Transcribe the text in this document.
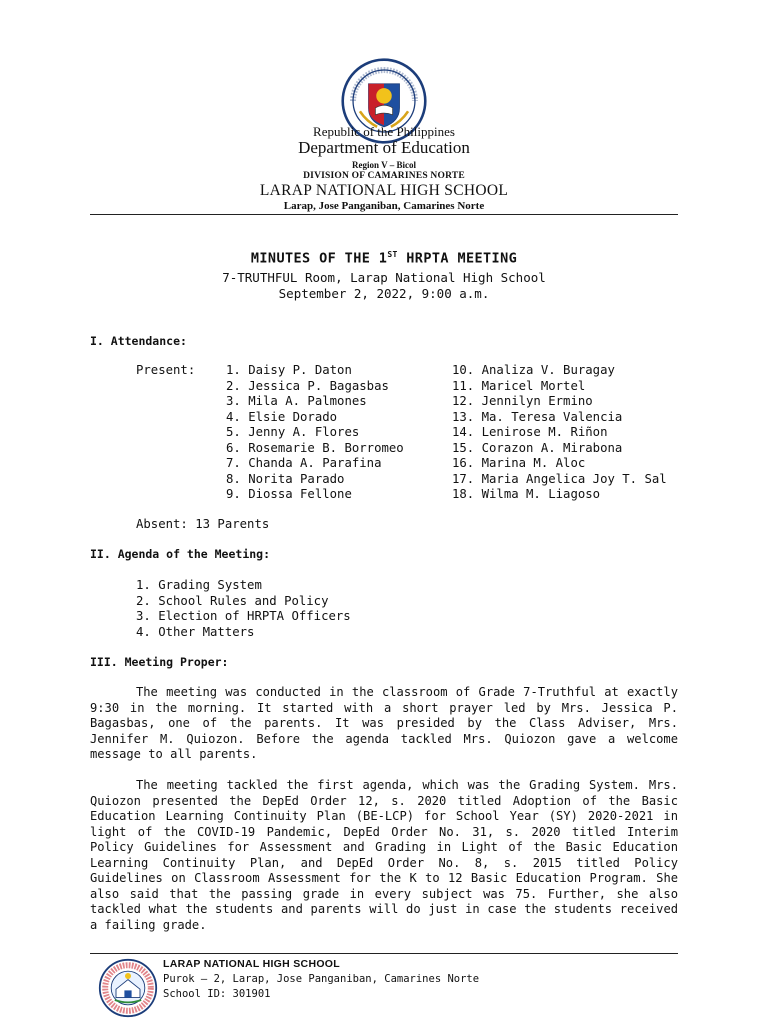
Republic of the Philippines
Department of Education
Region V – Bicol
DIVISION OF CAMARINES NORTE
LARAP NATIONAL HIGH SCHOOL
Larap, Jose Panganiban, Camarines Norte
MINUTES OF THE 1ST HRPTA MEETING
7-TRUTHFUL Room, Larap National High School
September 2, 2022, 9:00 a.m.
I. Attendance:
Present:	1. Daisy P. Daton
2. Jessica P. Bagasbas
3. Mila A. Palmones
4. Elsie Dorado
5. Jenny A. Flores
6. Rosemarie B. Borromeo
7. Chanda A. Parafina
8. Norita Parado
9. Diossa Fellone
10. Analiza V. Buragay
11. Maricel Mortel
12. Jennilyn Ermino
13. Ma. Teresa Valencia
14. Lenirose M. Riñon
15. Corazon A. Mirabona
16. Marina M. Aloc
17. Maria Angelica Joy T. Sal
18. Wilma M. Liagoso
Absent: 13 Parents
II. Agenda of the Meeting:
1. Grading System
2. School Rules and Policy
3. Election of HRPTA Officers
4. Other Matters
III. Meeting Proper:

The meeting was conducted in the classroom of Grade 7-Truthful at exactly 9:30 in the morning. It started with a short prayer led by Mrs. Jessica P. Bagasbas, one of the parents. It was presided by the Class Adviser, Mrs. Jennifer M. Quiozon. Before the agenda tackled Mrs. Quiozon gave a welcome message to all parents.

The meeting tackled the first agenda, which was the Grading System. Mrs. Quiozon presented the DepEd Order 12, s. 2020 titled Adoption of the Basic Education Learning Continuity Plan (BE-LCP) for School Year (SY) 2020-2021 in light of the COVID-19 Pandemic, DepEd Order No. 31, s. 2020 titled Interim Policy Guidelines for Assessment and Grading in Light of the Basic Education Learning Continuity Plan, and DepEd Order No. 8, s. 2015 titled Policy Guidelines on Classroom Assessment for the K to 12 Basic Education Program. She also said that the passing grade in every subject was 75. Further, she also tackled what the students and parents will do just in case the students received a failing grade.

LARAP NATIONAL HIGH SCHOOL
Purok – 2, Larap, Jose Panganiban, Camarines Norte
School ID: 301901
